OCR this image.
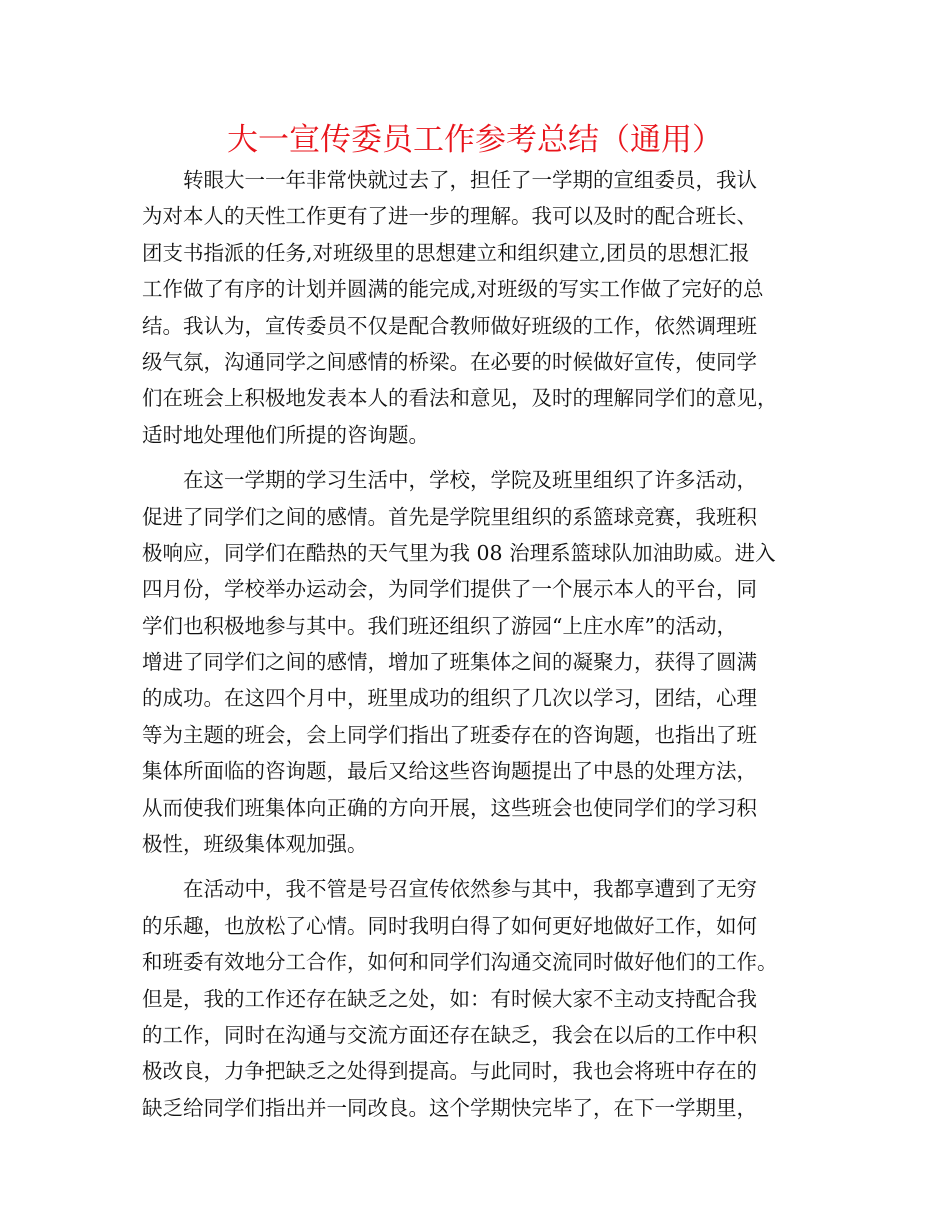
大一宣传委员工作参考总结（通用）
转眼大一一年非常快就过去了，担任了一学期的宣组委员，我认
为对本人的天性工作更有了进一步的理解。我可以及时的配合班长、
团支书指派的任务,对班级里的思想建立和组织建立,团员的思想汇报
工作做了有序的计划并圆满的能完成,对班级的写实工作做了完好的总
结。我认为，宣传委员不仅是配合教师做好班级的工作，依然调理班
级气氛，沟通同学之间感情的桥梁。在必要的时候做好宣传，使同学
们在班会上积极地发表本人的看法和意见，及时的理解同学们的意见，
适时地处理他们所提的咨询题。
在这一学期的学习生活中，学校，学院及班里组织了许多活动，
促进了同学们之间的感情。首先是学院里组织的系篮球竞赛，我班积
极响应，同学们在酷热的天气里为我 08 治理系篮球队加油助威。进入
四月份，学校举办运动会，为同学们提供了一个展示本人的平台，同
学们也积极地参与其中。我们班还组织了游园“上庄水库”的活动，
增进了同学们之间的感情，增加了班集体之间的凝聚力，获得了圆满
的成功。在这四个月中，班里成功的组织了几次以学习，团结，心理
等为主题的班会，会上同学们指出了班委存在的咨询题，也指出了班
集体所面临的咨询题，最后又给这些咨询题提出了中恳的处理方法，
从而使我们班集体向正确的方向开展，这些班会也使同学们的学习积
极性，班级集体观加强。
在活动中，我不管是号召宣传依然参与其中，我都享遭到了无穷
的乐趣，也放松了心情。同时我明白得了如何更好地做好工作，如何
和班委有效地分工合作，如何和同学们沟通交流同时做好他们的工作。
但是，我的工作还存在缺乏之处，如：有时候大家不主动支持配合我
的工作，同时在沟通与交流方面还存在缺乏，我会在以后的工作中积
极改良，力争把缺乏之处得到提高。与此同时，我也会将班中存在的
缺乏给同学们指出并一同改良。这个学期快完毕了，在下一学期里，
